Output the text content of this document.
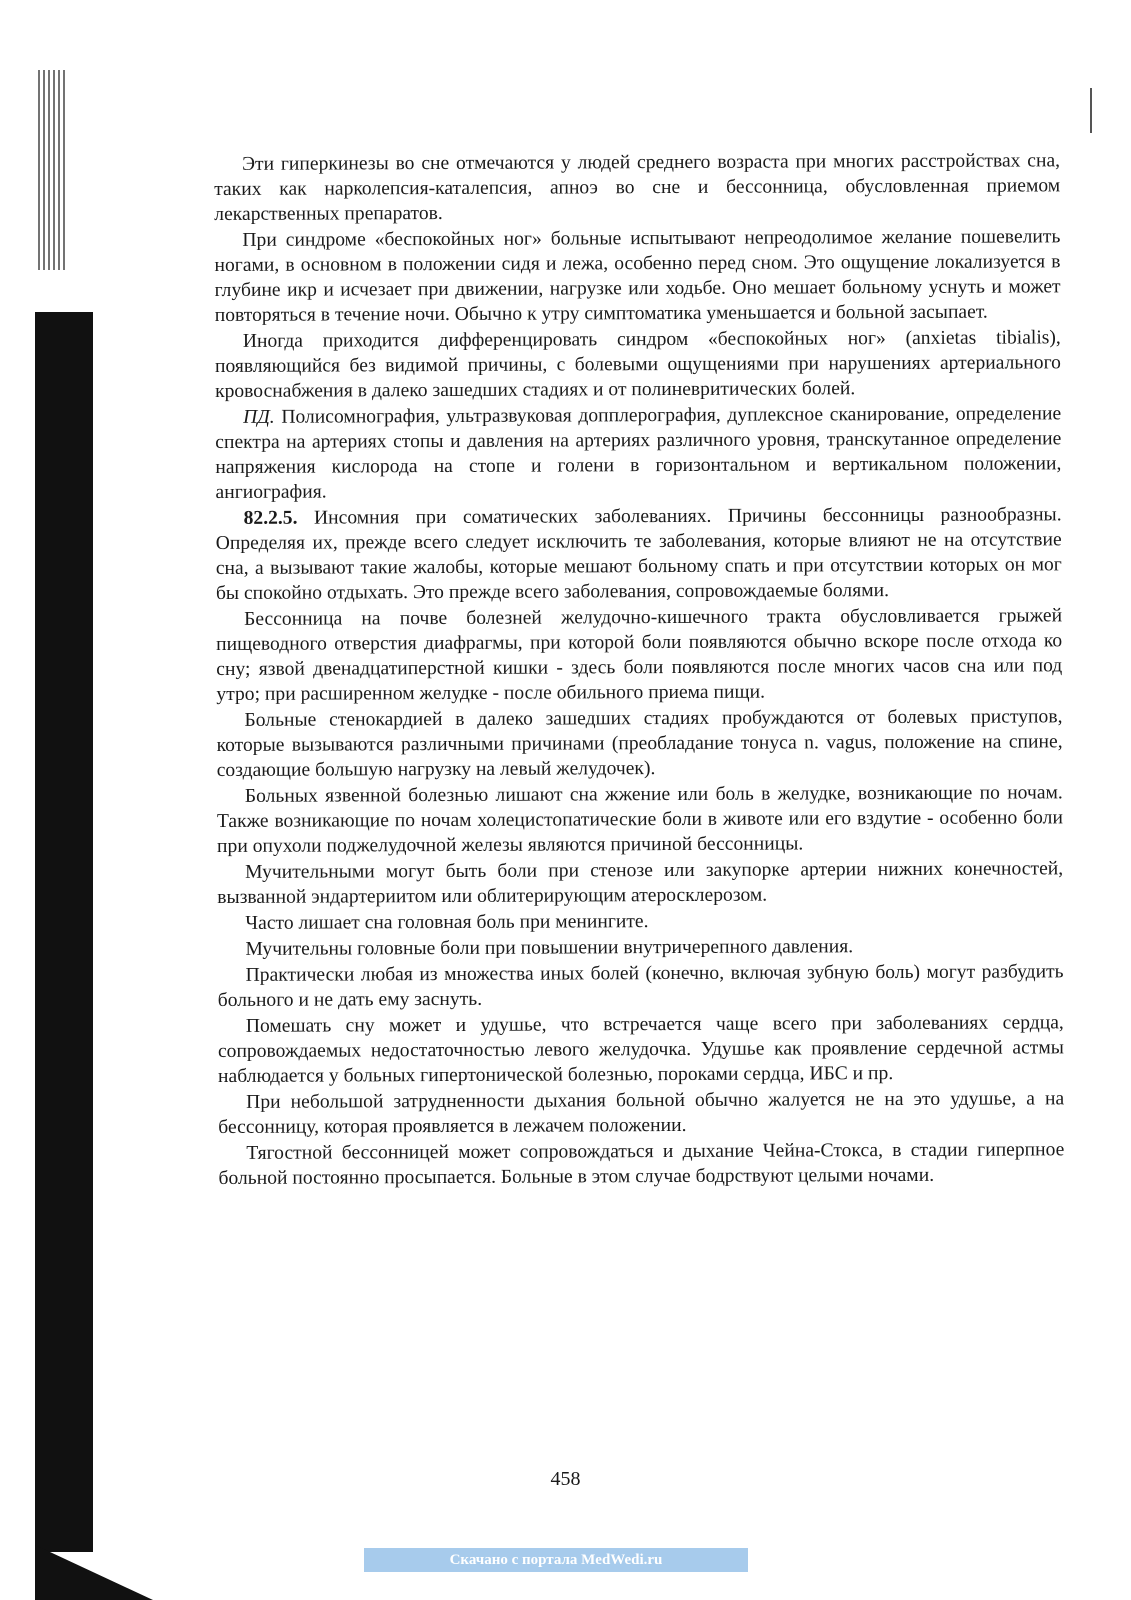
Эти гиперкинезы во сне отмечаются у людей среднего возраста при многих расстройствах сна, таких как нарколепсия-каталепсия, апноэ во сне и бессонница, обусловленная приемом лекарственных препаратов.

При синдроме «беспокойных ног» больные испытывают непреодолимое желание пошевелить ногами, в основном в положении сидя и лежа, особенно перед сном. Это ощущение локализуется в глубине икр и исчезает при движении, нагрузке или ходьбе. Оно мешает больному уснуть и может повторяться в течение ночи. Обычно к утру симптоматика уменьшается и больной засыпает.

Иногда приходится дифференцировать синдром «беспокойных ног» (anxietas tibialis), появляющийся без видимой причины, с болевыми ощущениями при нарушениях артериального кровоснабжения в далеко зашедших стадиях и от полиневритических болей.

ПД. Полисомнография, ультразвуковая допплерография, дуплексное сканирование, определение спектра на артериях стопы и давления на артериях различного уровня, транскутанное определение напряжения кислорода на стопе и голени в горизонтальном и вертикальном положении, ангиография.

82.2.5. Инсомния при соматических заболеваниях. Причины бессонницы разнообразны. Определяя их, прежде всего следует исключить те заболевания, которые влияют не на отсутствие сна, а вызывают такие жалобы, которые мешают больному спать и при отсутствии которых он мог бы спокойно отдыхать. Это прежде всего заболевания, сопровождаемые болями.

Бессонница на почве болезней желудочно-кишечного тракта обусловливается грыжей пищеводного отверстия диафрагмы, при которой боли появляются обычно вскоре после отхода ко сну; язвой двенадцатиперстной кишки - здесь боли появляются после многих часов сна или под утро; при расширенном желудке - после обильного приема пищи.

Больные стенокардией в далеко зашедших стадиях пробуждаются от болевых приступов, которые вызываются различными причинами (преобладание тонуса n. vagus, положение на спине, создающие большую нагрузку на левый желудочек).

Больных язвенной болезнью лишают сна жжение или боль в желудке, возникающие по ночам. Также возникающие по ночам холецистопатические боли в животе или его вздутие - особенно боли при опухоли поджелудочной железы являются причиной бессонницы.

Мучительными могут быть боли при стенозе или закупорке артерии нижних конечностей, вызванной эндартериитом или облитерирующим атеросклерозом.

Часто лишает сна головная боль при менингите.

Мучительны головные боли при повышении внутричерепного давления.

Практически любая из множества иных болей (конечно, включая зубную боль) могут разбудить больного и не дать ему заснуть.

Помешать сну может и удушье, что встречается чаще всего при заболеваниях сердца, сопровождаемых недостаточностью левого желудочка. Удушье как проявление сердечной астмы наблюдается у больных гипертонической болезнью, пороками сердца, ИБС и пр.

При небольшой затрудненности дыхания больной обычно жалуется не на это удушье, а на бессонницу, которая проявляется в лежачем положении.

Тягостной бессонницей может сопровождаться и дыхание Чейна-Стокса, в стадии гиперпное больной постоянно просыпается. Больные в этом случае бодрствуют целыми ночами.

458
Скачано с портала MedWedi.ru
